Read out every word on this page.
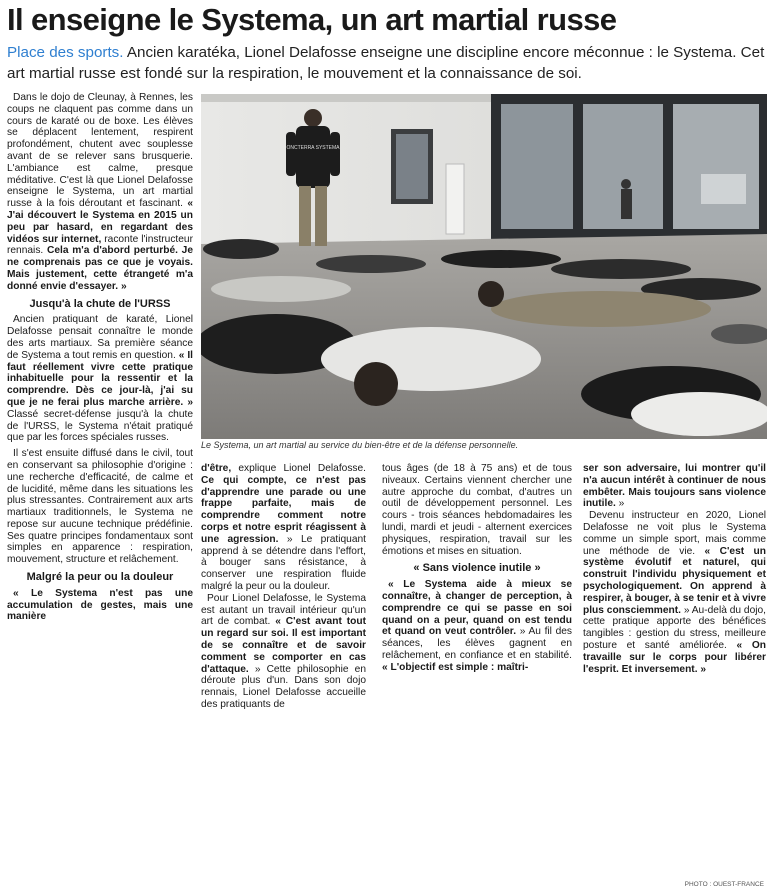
Il enseigne le Systema, un art martial russe
Place des sports. Ancien karatéka, Lionel Delafosse enseigne une discipline encore méconnue : le Systema. Cet art martial russe est fondé sur la respiration, le mouvement et la connaissance de soi.

Dans le dojo de Cleunay, à Rennes, les coups ne claquent pas comme dans un cours de karaté ou de boxe. Les élèves se déplacent lentement, respirent profondément, chutent avec souplesse avant de se relever sans brusquerie. L'ambiance est calme, presque méditative. C'est là que Lionel Delafosse enseigne le Systema, un art martial russe à la fois déroutant et fascinant. « J'ai découvert le Systema en 2015 un peu par hasard, en regardant des vidéos sur internet, raconte l'instructeur rennais. Cela m'a d'abord perturbé. Je ne comprenais pas ce que je voyais. Mais justement, cette étrangeté m'a donné envie d'essayer. »

Jusqu'à la chute de l'URSS

Ancien pratiquant de karaté, Lionel Delafosse pensait connaître le monde des arts martiaux. Sa première séance de Systema a tout remis en question. « Il faut réellement vivre cette pratique inhabituelle pour la ressentir et la comprendre. Dès ce jour-là, j'ai su que je ne ferai plus marche arrière. » Classé secret-défense jusqu'à la chute de l'URSS, le Systema n'était pratiqué que par les forces spéciales russes.

Il s'est ensuite diffusé dans le civil, tout en conservant sa philosophie d'origine : une recherche d'efficacité, de calme et de lucidité, même dans les situations les plus stressantes. Contrairement aux arts martiaux traditionnels, le Systema ne repose sur aucune technique prédéfinie. Ses quatre principes fondamentaux sont simples en apparence : respiration, mouvement, structure et relâchement.

Malgré la peur ou la douleur

« Le Systema n'est pas une accumulation de gestes, mais une manière

ONCTERRA SYSTEMA
Le Systema, un art martial au service du bien-être et de la défense personnelle.
PHOTO : OUEST-FRANCE

d'être, explique Lionel Delafosse. Ce qui compte, ce n'est pas d'apprendre une parade ou une frappe parfaite, mais de comprendre comment notre corps et notre esprit réagissent à une agression. » Le pratiquant apprend à se détendre dans l'effort, à bouger sans résistance, à conserver une respiration fluide malgré la peur ou la douleur.

Pour Lionel Delafosse, le Systema est autant un travail intérieur qu'un art de combat. « C'est avant tout un regard sur soi. Il est important de se connaître et de savoir comment se comporter en cas d'attaque. » Cette philosophie en déroute plus d'un. Dans son dojo rennais, Lionel Delafosse accueille des pratiquants de

tous âges (de 18 à 75 ans) et de tous niveaux. Certains viennent chercher une autre approche du combat, d'autres un outil de développement personnel. Les cours - trois séances hebdomadaires les lundi, mardi et jeudi - alternent exercices physiques, respiration, travail sur les émotions et mises en situation.

« Sans violence inutile »

« Le Systema aide à mieux se connaître, à changer de perception, à comprendre ce qui se passe en soi quand on a peur, quand on est tendu et quand on veut contrôler. » Au fil des séances, les élèves gagnent en relâchement, en confiance et en stabilité. « L'objectif est simple : maîtri-

ser son adversaire, lui montrer qu'il n'a aucun intérêt à continuer de nous embêter. Mais toujours sans violence inutile. »

Devenu instructeur en 2020, Lionel Delafosse ne voit plus le Systema comme un simple sport, mais comme une méthode de vie. « C'est un système évolutif et naturel, qui construit l'individu physiquement et psychologiquement. On apprend à respirer, à bouger, à se tenir et à vivre plus consciemment. » Au-delà du dojo, cette pratique apporte des bénéfices tangibles : gestion du stress, meilleure posture et santé améliorée. « On travaille sur le corps pour libérer l'esprit. Et inversement. »
